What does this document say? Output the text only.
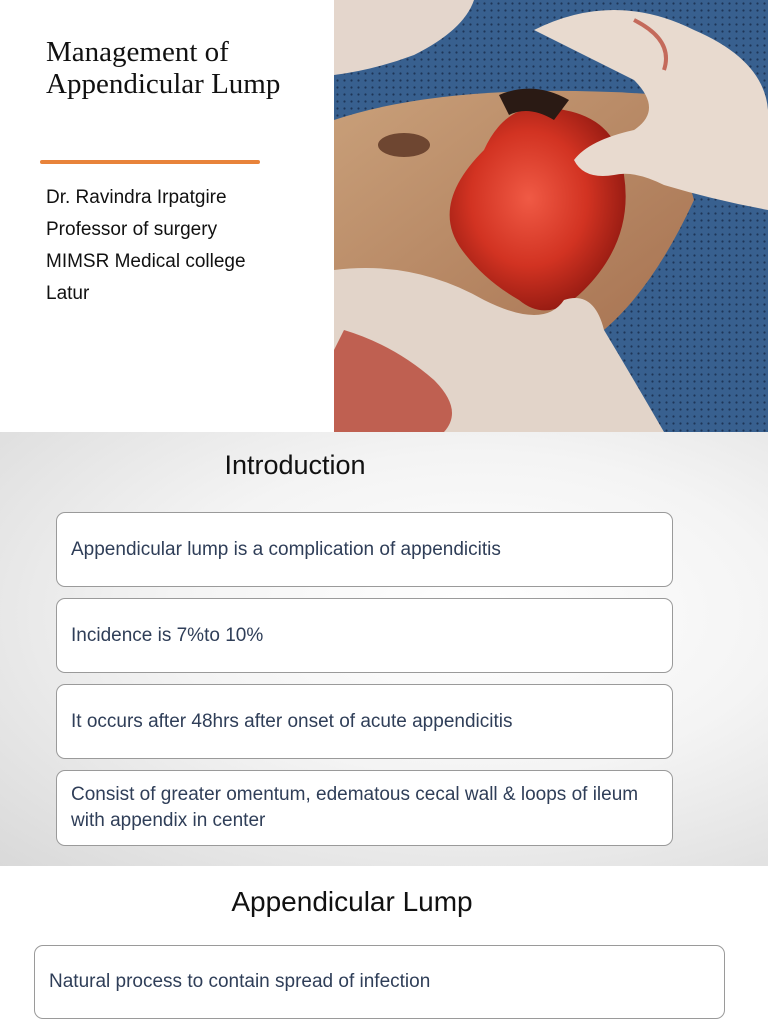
Management of Appendicular Lump
Dr. Ravindra Irpatgire
Professor of surgery
MIMSR Medical college
Latur
Introduction
Appendicular lump is a complication of appendicitis
Incidence is 7%to 10%
It occurs after 48hrs after onset of acute appendicitis
Consist of greater omentum, edematous cecal wall & loops of ileum with appendix in center
Appendicular Lump
Natural process to contain spread of infection
